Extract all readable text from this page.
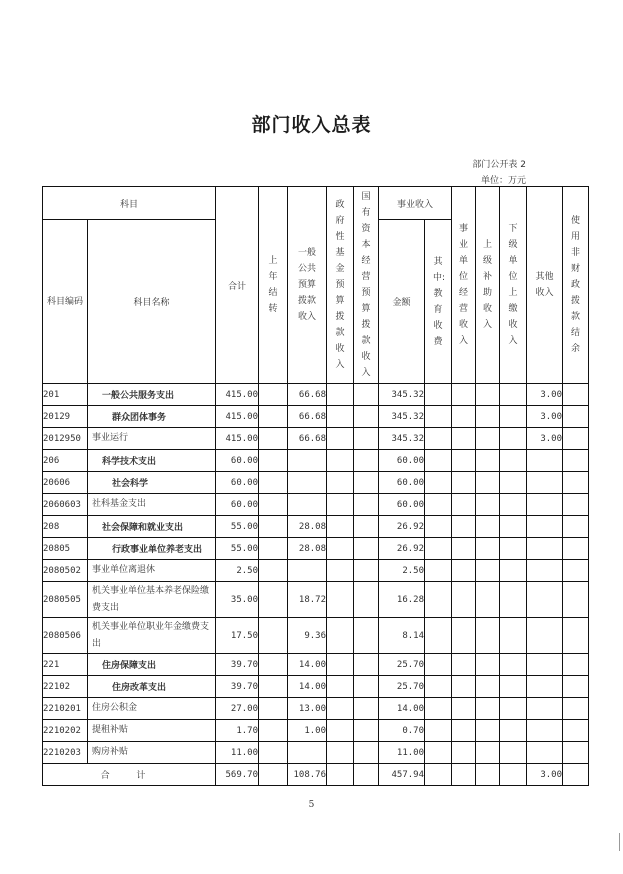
部门收入总表
部门公开表 2
单位：万元
科目		合计	上年结转	一般公共预算拨款收入	政府性基金预算拨款收入	国有资本经营预算拨款收入	事业收入		事业单位经营收入	上级补助收入	下级单位上缴收入	其他收入	使用非财政拨款结余

科目编码	科目名称						金额	其中:教育收费					

201	一般公共服务支出	415.00		66.68			345.32					3.00	
20129	群众团体事务	415.00		66.68			345.32					3.00	
2012950	事业运行	415.00		66.68			345.32					3.00	
206	科学技术支出	60.00					60.00						
20606	社会科学	60.00					60.00						
2060603	社科基金支出	60.00					60.00						
208	社会保障和就业支出	55.00		28.08			26.92						
20805	行政事业单位养老支出	55.00		28.08			26.92						
2080502	事业单位离退休	2.50					2.50						
2080505	机关事业单位基本养老保险缴费支出	35.00		18.72			16.28						
2080506	机关事业单位职业年金缴费支出	17.50		9.36			8.14						
221	住房保障支出	39.70		14.00			25.70						
22102	住房改革支出	39.70		14.00			25.70						
2210201	住房公积金	27.00		13.00			14.00						
2210202	提租补贴	1.70		1.00			0.70						
2210203	购房补贴	11.00					11.00						
合 计		569.70		108.76			457.94					3.00	
5
